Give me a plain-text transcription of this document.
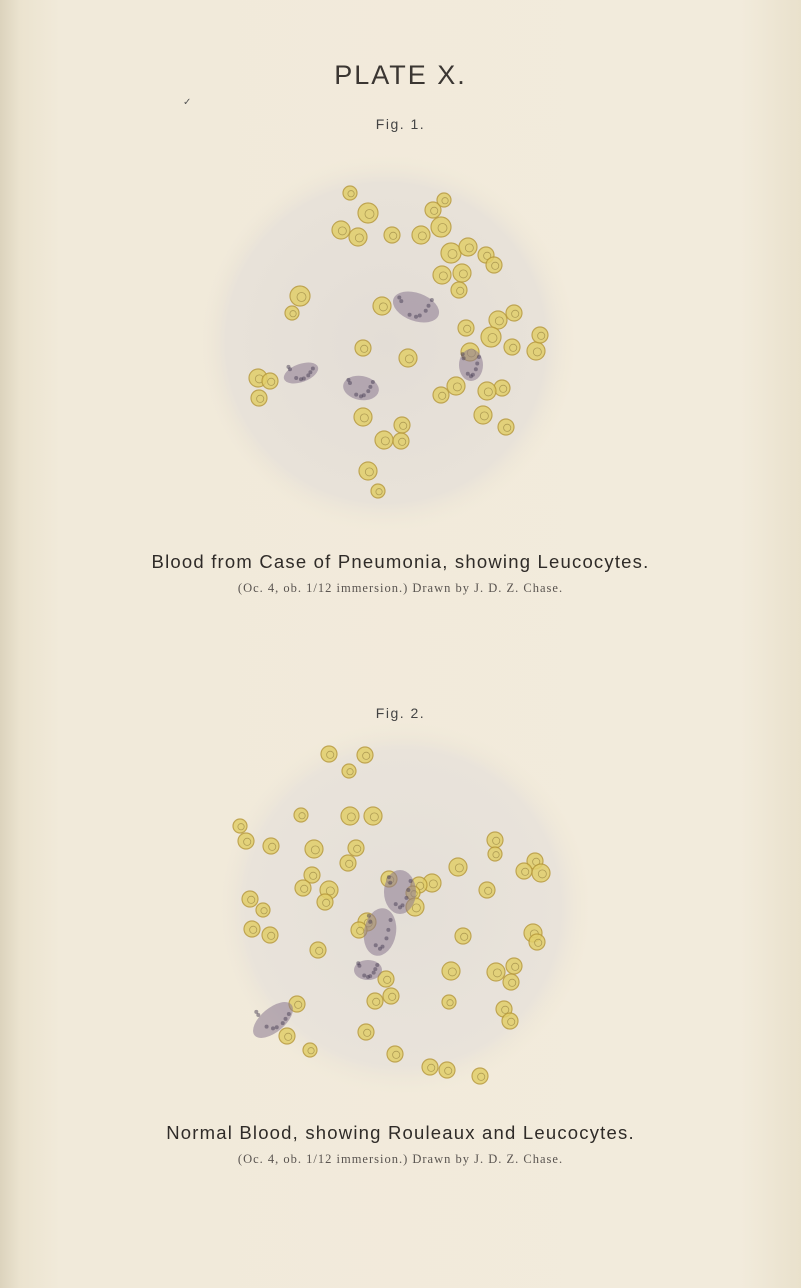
PLATE X.
Fig. 1.
Blood from Case of Pneumonia, showing Leucocytes.
(Oc. 4, ob. 1/12 immersion.) Drawn by J. D. Z. Chase.
Fig. 2.
Normal Blood, showing Rouleaux and Leucocytes.
(Oc. 4, ob. 1/12 immersion.) Drawn by J. D. Z. Chase.
✓
